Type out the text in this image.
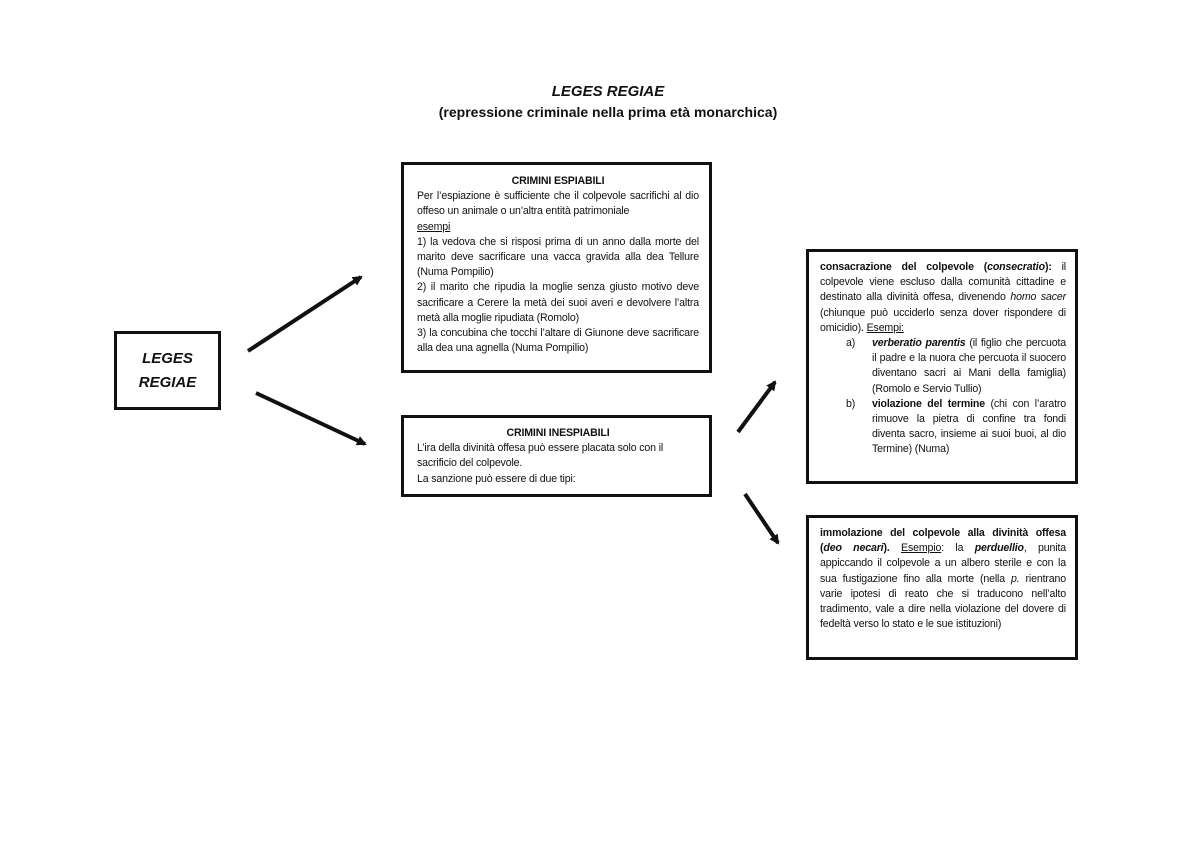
LEGES REGIAE
(repressione criminale nella prima età monarchica)
LEGES REGIAE

CRIMINI ESPIABILI

Per l’espiazione è sufficiente che il colpevole sacrifichi al dio offeso un animale o un’altra entità patrimoniale

esempi

1) la vedova che si risposi prima di un anno dalla morte del marito deve sacrificare una vacca gravida alla dea Tellure (Numa Pompilio)

2) il marito che ripudia la moglie senza giusto motivo deve sacrificare a Cerere la metà dei suoi averi e devolvere l’altra metà alla moglie ripudiata (Romolo)

3) la concubina che tocchi l’altare di Giunone deve sacrificare alla dea una agnella (Numa Pompilio)

CRIMINI INESPIABILI

L’ira della divinità offesa può essere placata solo con il sacrificio del colpevole.

La sanzione può essere di due tipi:

consacrazione del colpevole (consecratio): il colpevole viene escluso dalla comunità cittadine e destinato alla divinità offesa, divenendo homo sacer (chiunque può ucciderlo senza dover rispondere di omicidio). Esempi:

a)	verberatio parentis (il figlio che percuota il padre e la nuora che percuota il suocero diventano sacri ai Mani della famiglia) (Romolo e Servio Tullio)
b)	violazione del termine (chi con l’aratro rimuove la pietra di confine tra fondi diventa sacro, insieme ai suoi buoi, al dio Termine) (Numa)

immolazione del colpevole alla divinità offesa (deo necari). Esempio: la perduellio, punita appiccando il colpevole a un albero sterile e con la sua fustigazione fino alla morte (nella p. rientrano varie ipotesi di reato che si traducono nell’alto tradimento, vale a dire nella violazione del dovere di fedeltà verso lo stato e le sue istituzioni)
